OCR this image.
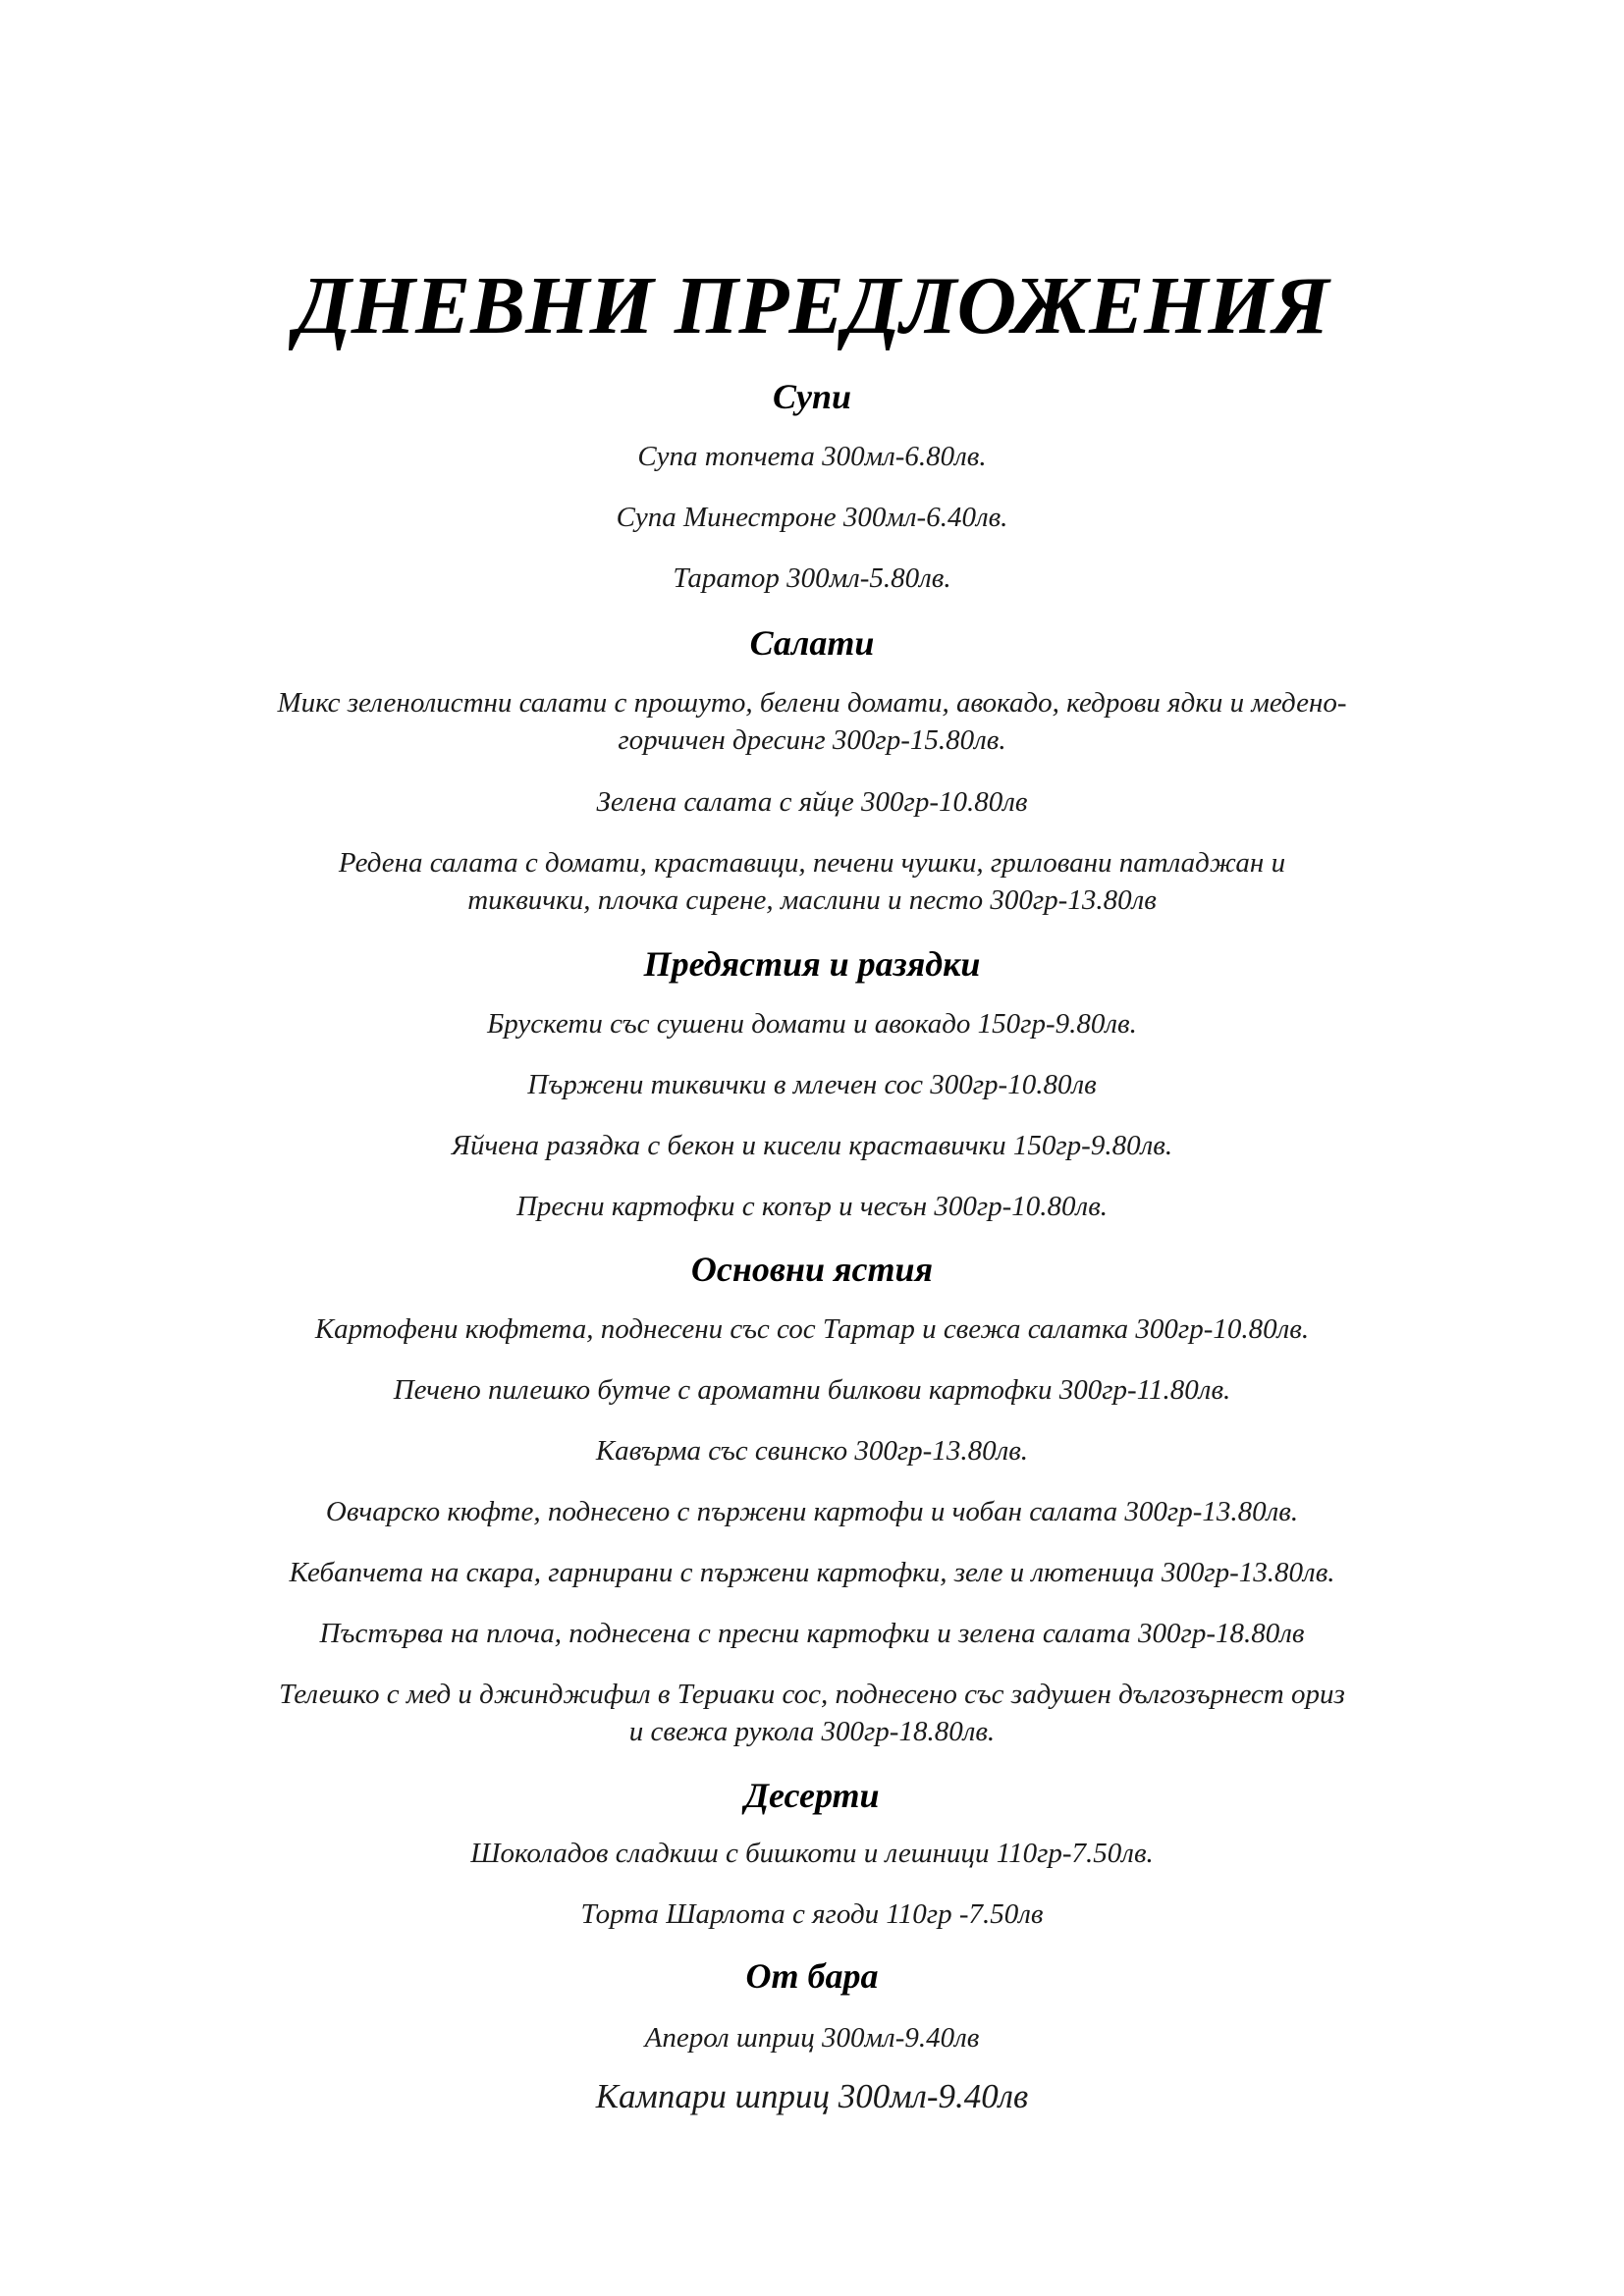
ДНЕВНИ ПРЕДЛОЖЕНИЯ
Супи

Супа топчета 300мл-6.80лв.

Супа Минестроне 300мл-6.40лв.

Таратор 300мл-5.80лв.

Салати

Микс зеленолистни салати с прошуто, белени домати, авокадо, кедрови ядки и медено-

горчичен дресинг 300гр-15.80лв.

Зелена салата с яйце 300гр-10.80лв

Редена салата с домати, краставици, печени чушки, гриловани патладжан и

тиквички, плочка сирене, маслини и песто 300гр-13.80лв

Предястия и разядки

Брускети със сушени домати и авокадо 150гр-9.80лв.

Пържени тиквички в млечен сос 300гр-10.80лв

Яйчена разядка с бекон и кисели краставички 150гр-9.80лв.

Пресни картофки с копър и чесън 300гр-10.80лв.

Основни ястия

Картофени кюфтета, поднесени със сос Тартар и свежа салатка 300гр-10.80лв.

Печено пилешко бутче с ароматни билкови картофки 300гр-11.80лв.

Кавърма със свинско 300гр-13.80лв.

Овчарско кюфте, поднесено с пържени картофи и чобан салата 300гр-13.80лв.

Кебапчета на скара, гарнирани с пържени картофки, зеле и лютеница 300гр-13.80лв.

Пъстърва на плоча, поднесена с пресни картофки и зелена салата 300гр-18.80лв

Телешко с мед и джинджифил в Териаки сос, поднесено със задушен дългозърнест ориз

и свежа рукола 300гр-18.80лв.

Десерти

Шоколадов сладкиш с бишкоти и лешници 110гр-7.50лв.

Торта Шарлота с ягоди 110гр -7.50лв

От бара

Аперол шприц 300мл-9.40лв

Кампари шприц 300мл-9.40лв
